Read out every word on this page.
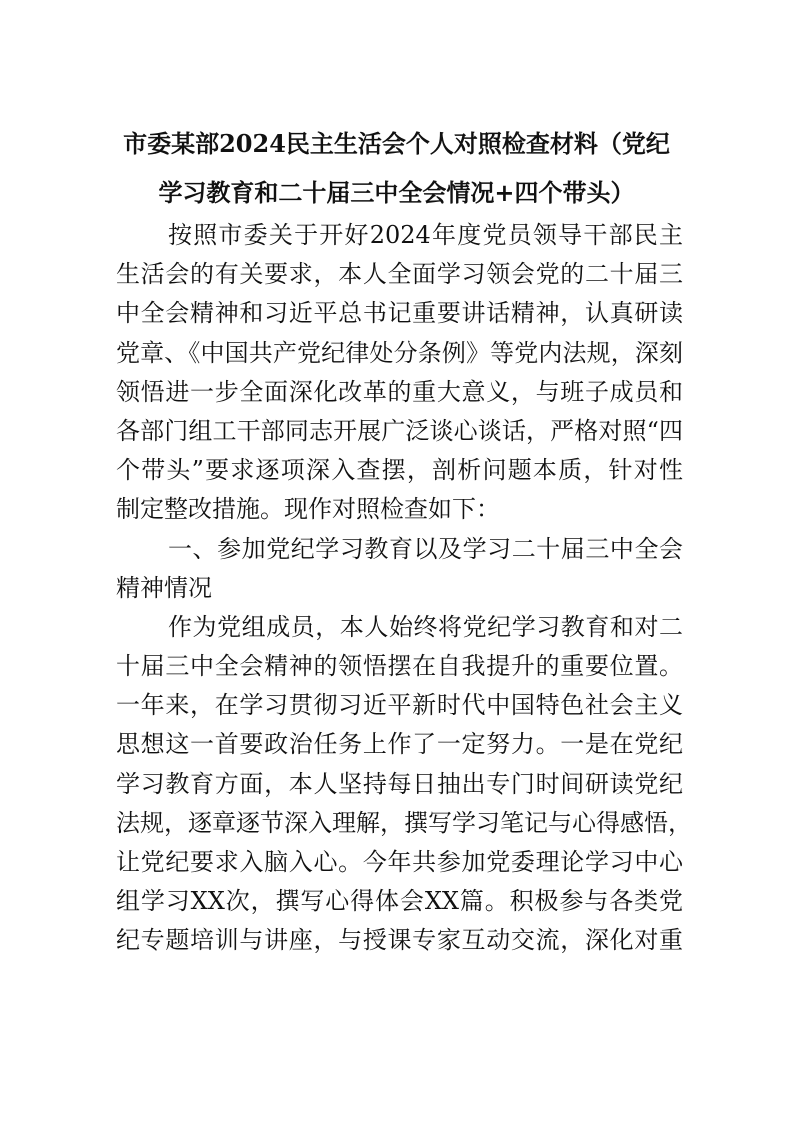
市委某部2024民主生活会个人对照检查材料（党纪
学习教育和二十届三中全会情况+四个带头）
按照市委关于开好2024年度党员领导干部民主
生活会的有关要求，本人全面学习领会党的二十届三
中全会精神和习近平总书记重要讲话精神，认真研读
党章、《中国共产党纪律处分条例》等党内法规，深刻
领悟进一步全面深化改革的重大意义，与班子成员和
各部门组工干部同志开展广泛谈心谈话，严格对照“四
个带头”要求逐项深入查摆，剖析问题本质，针对性
制定整改措施。现作对照检查如下：
一、参加党纪学习教育以及学习二十届三中全会
精神情况
作为党组成员，本人始终将党纪学习教育和对二
十届三中全会精神的领悟摆在自我提升的重要位置。
一年来，在学习贯彻习近平新时代中国特色社会主义
思想这一首要政治任务上作了一定努力。一是在党纪
学习教育方面，本人坚持每日抽出专门时间研读党纪
法规，逐章逐节深入理解，撰写学习笔记与心得感悟，
让党纪要求入脑入心。今年共参加党委理论学习中心
组学习XX次，撰写心得体会XX篇。积极参与各类党
纪专题培训与讲座，与授课专家互动交流，深化对重
